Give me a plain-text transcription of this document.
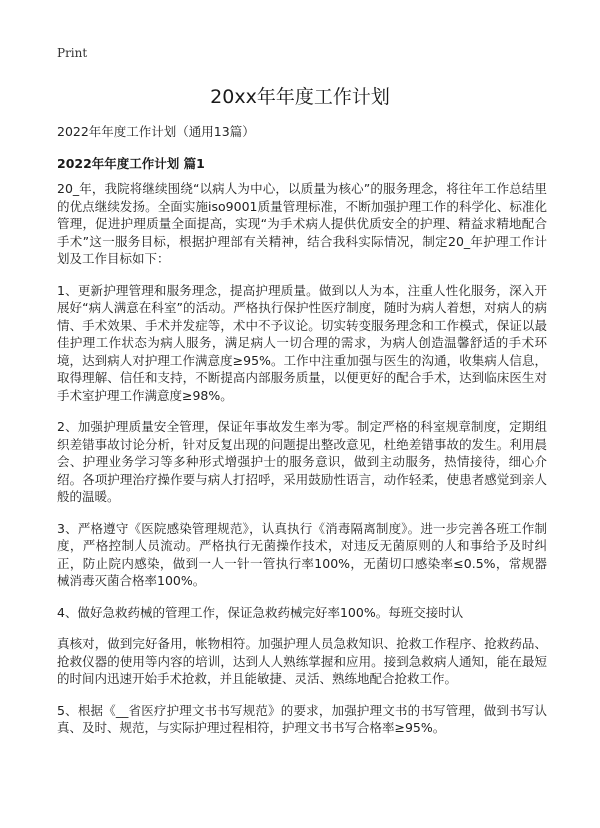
Print
20xx年年度工作计划
2022年年度工作计划（通用13篇）
2022年年度工作计划 篇1

20_年，我院将继续围绕“以病人为中心，以质量为核心”的服务理念，将往年工作总结里的优点继续发扬。全面实施iso9001质量管理标准，不断加强护理工作的科学化、标准化管理，促进护理质量全面提高，实现“为手术病人提供优质安全的护理、精益求精地配合手术”这一服务目标，根据护理部有关精神，结合我科实际情况，制定20_年护理工作计划及工作目标如下：

1、更新护理管理和服务理念，提高护理质量。做到以人为本，注重人性化服务，深入开展好“病人满意在科室”的活动。严格执行保护性医疗制度，随时为病人着想，对病人的病情、手术效果、手术并发症等，术中不予议论。切实转变服务理念和工作模式，保证以最佳护理工作状态为病人服务，满足病人一切合理的需求，为病人创造温馨舒适的手术环境，达到病人对护理工作满意度≥95%。工作中注重加强与医生的沟通，收集病人信息，取得理解、信任和支持，不断提高内部服务质量，以便更好的配合手术，达到临床医生对手术室护理工作满意度≥98%。

2、加强护理质量安全管理，保证年事故发生率为零。制定严格的科室规章制度，定期组织差错事故讨论分析，针对反复出现的问题提出整改意见，杜绝差错事故的发生。利用晨会、护理业务学习等多种形式增强护士的服务意识，做到主动服务，热情接待，细心介绍。各项护理治疗操作要与病人打招呼，采用鼓励性语言，动作轻柔，使患者感觉到亲人般的温暖。

3、严格遵守《医院感染管理规范》，认真执行《消毒隔离制度》。进一步完善各班工作制度，严格控制人员流动。严格执行无菌操作技术，对违反无菌原则的人和事给予及时纠正，防止院内感染，做到一人一针一管执行率100%，无菌切口感染率≤0.5%，常规器械消毒灭菌合格率100%。

4、做好急救药械的管理工作，保证急救药械完好率100%。每班交接时认

真核对，做到完好备用，帐物相符。加强护理人员急救知识、抢救工作程序、抢救药品、抢救仪器的使用等内容的培训，达到人人熟练掌握和应用。接到急救病人通知，能在最短的时间内迅速开始手术抢救，并且能敏捷、灵活、熟练地配合抢救工作。

5、根据《__省医疗护理文书书写规范》的要求，加强护理文书的书写管理，做到书写认真、及时、规范，与实际护理过程相符，护理文书书写合格率≥95%。
